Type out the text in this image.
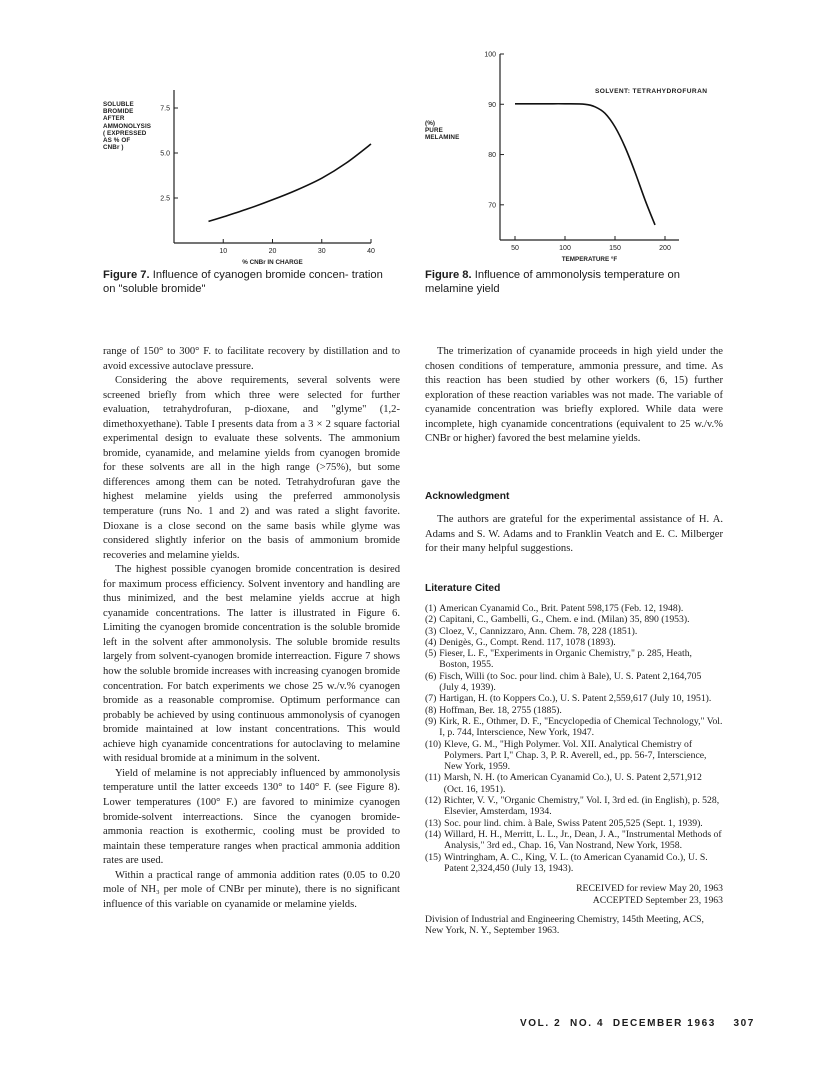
SOLUBLE
BROMIDE
AFTER
AMMONOLYSIS
( EXPRESSED
AS % OF
CNBr )
2.5
5.0
7.5
10	20	30	40
% CNBr IN CHARGE
Figure 7. Influence of cyanogen bromide concen- tration on "soluble bromide"
(%)
PURE
MELAMINE
70
80
90
100
50	100	150	200
TEMPERATURE °F
SOLVENT: TETRAHYDROFURAN
Figure 8. Influence of ammonolysis temperature on melamine yield

range of 150° to 300° F. to facilitate recovery by distillation and to avoid excessive autoclave pressure.

Considering the above requirements, several solvents were screened briefly from which three were selected for further evaluation, tetrahydrofuran, p-dioxane, and "glyme" (1,2-dimethoxyethane). Table I presents data from a 3 × 2 square factorial experimental design to evaluate these solvents. The ammonium bromide, cyanamide, and melamine yields from cyanogen bromide for these solvents are all in the high range (>75%), but some differences among them can be noted. Tetrahydrofuran gave the highest melamine yields using the preferred ammonolysis temperature (runs No. 1 and 2) and was rated a slight favorite. Dioxane is a close second on the same basis while glyme was considered slightly inferior on the basis of ammonium bromide recoveries and melamine yields.

The highest possible cyanogen bromide concentration is desired for maximum process efficiency. Solvent inventory and handling are thus minimized, and the best melamine yields accrue at high cyanamide concentrations. The latter is illustrated in Figure 6. Limiting the cyanogen bromide concentration is the soluble bromide left in the solvent after ammonolysis. The soluble bromide results largely from solvent-cyanogen bromide interreaction. Figure 7 shows how the soluble bromide increases with increasing cyanogen bromide concentration. For batch experiments we chose 25 w./v.% cyanogen bromide as a reasonable compromise. Optimum performance can probably be achieved by using continuous ammonolysis of cyanogen bromide maintained at low instant concentrations. This would achieve high cyanamide concentrations for autoclaving to melamine with residual bromide at a minimum in the solvent.

Yield of melamine is not appreciably influenced by ammonolysis temperature until the latter exceeds 130° to 140° F. (see Figure 8). Lower temperatures (100° F.) are favored to minimize cyanogen bromide-solvent interreactions. Since the cyanogen bromide-ammonia reaction is exothermic, cooling must be provided to maintain these temperature ranges when practical ammonia addition rates are used.

Within a practical range of ammonia addition rates (0.05 to 0.20 mole of NH₃ per mole of CNBr per minute), there is no significant influence of this variable on cyanamide or melamine yields.

The trimerization of cyanamide proceeds in high yield under the chosen conditions of temperature, ammonia pressure, and time. As this reaction has been studied by other workers (6, 15) further exploration of these reaction variables was not made. The variable of cyanamide concentration was briefly explored. While data were incomplete, high cyanamide concentrations (equivalent to 25 w./v.% CNBr or higher) favored the best melamine yields.

Acknowledgment

The authors are grateful for the experimental assistance of H. A. Adams and S. W. Adams and to Franklin Veatch and E. C. Milberger for their many helpful suggestions.

Literature Cited
(1) American Cyanamid Co., Brit. Patent 598,175 (Feb. 12, 1948).
(2) Capitani, C., Gambelli, G., Chem. e ind. (Milan) 35, 890 (1953).
(3) Cloez, V., Cannizzaro, Ann. Chem. 78, 228 (1851).
(4) Denigès, G., Compt. Rend. 117, 1078 (1893).
(5) Fieser, L. F., "Experiments in Organic Chemistry," p. 285, Heath, Boston, 1955.
(6) Fisch, Willi (to Soc. pour lind. chim à Bale), U. S. Patent 2,164,705 (July 4, 1939).
(7) Hartigan, H. (to Koppers Co.), U. S. Patent 2,559,617 (July 10, 1951).
(8) Hoffman, Ber. 18, 2755 (1885).
(9) Kirk, R. E., Othmer, D. F., "Encyclopedia of Chemical Technology," Vol. I, p. 744, Interscience, New York, 1947.
(10) Kleve, G. M., "High Polymer. Vol. XII. Analytical Chemistry of Polymers. Part I," Chap. 3, P. R. Averell, ed., pp. 56-7, Interscience, New York, 1959.
(11) Marsh, N. H. (to American Cyanamid Co.), U. S. Patent 2,571,912 (Oct. 16, 1951).
(12) Richter, V. V., "Organic Chemistry," Vol. I, 3rd ed. (in English), p. 528, Elsevier, Amsterdam, 1934.
(13) Soc. pour lind. chim. à Bale, Swiss Patent 205,525 (Sept. 1, 1939).
(14) Willard, H. H., Merritt, L. L., Jr., Dean, J. A., "Instrumental Methods of Analysis," 3rd ed., Chap. 16, Van Nostrand, New York, 1958.
(15) Wintringham, A. C., King, V. L. (to American Cyanamid Co.), U. S. Patent 2,324,450 (July 13, 1943).
RECEIVED for review May 20, 1963
ACCEPTED September 23, 1963
Division of Industrial and Engineering Chemistry, 145th Meeting, ACS, New York, N. Y., September 1963.
VOL. 2  NO. 4  DECEMBER 1963 307
